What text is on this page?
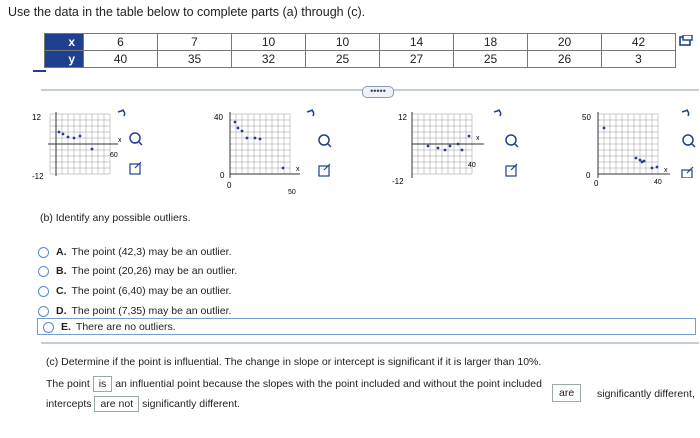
Use the data in the table below to complete parts (a) through (c).
x	6	7	10	10	14	18	20	42
y	40	35	32	25	27	25	26	3
•••••
12
-12
60
x
40
0
0
50
x
12
-12
40
x
50
0
0	40
x
(b) Identify any possible outliers.
A. The point (42,3) may be an outlier.
B. The point (20,26) may be an outlier.
C. The point (6,40) may be an outlier.
D. The point (7,35) may be an outlier.
E. There are no outliers.
(c) Determine if the point is influential. The change in slope or intercept is significant if it is larger than 10%.
The point is an influential point because the slopes with the point included and without the point included
are	significantly different,
intercepts are not significantly different.
